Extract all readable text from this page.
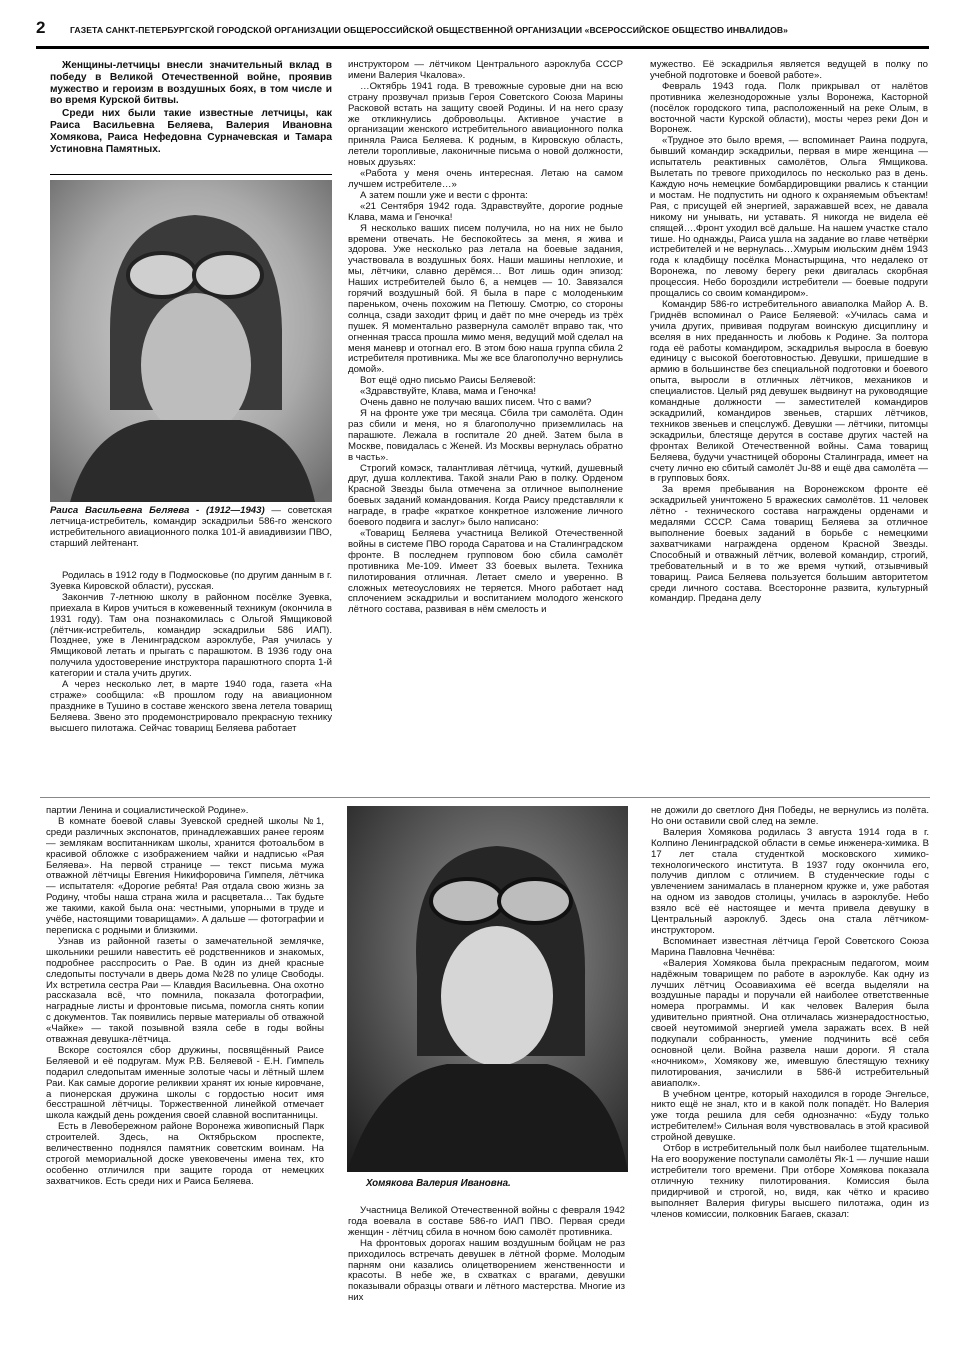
2	ГАЗЕТА САНКТ-ПЕТЕРБУРГСКОЙ ГОРОДСКОЙ ОРГАНИЗАЦИИ ОБЩЕРОССИЙСКОЙ ОБЩЕСТВЕННОЙ ОРГАНИЗАЦИИ «ВСЕРОССИЙСКОЕ ОБЩЕСТВО ИНВАЛИДОВ»

Женщины-летчицы внесли значительный вклад в победу в Великой Отечественной войне, проявив мужество и героизм в воздушных боях, в том числе и во время Курской битвы.

Среди них были такие известные летчицы, как Раиса Васильевна Беляева, Валерия Ивановна Хомякова, Раиса Нефедовна Сурначевская и Тамара Устиновна Памятных.

Раиса Васильевна Беляева - (1912—1943) — советская летчица-истребитель, командир эскадрильи 586-го женского истребительного авиационного полка 101-й авиадивизии ПВО, старший лейтенант.

Родилась в 1912 году в Подмосковье (по другим данным в г. Зуевка Кировской области), русская.

Закончив 7-летнюю школу в районном посёлке Зуевка, приехала в Киров учиться в кожевенный техникум (окончила в 1931 году). Там она познакомилась с Ольгой Ямщиковой (лётчик-истребитель, командир эскадрильи 586 ИАП). Позднее, уже в Ленинградском аэроклубе, Рая училась у Ямщиковой летать и прыгать с парашютом. В 1936 году она получила удостоверение инструктора парашютного спорта 1-й категории и стала учить других.

А через несколько лет, в марте 1940 года, газета «На страже» сообщила: «В прошлом году на авиационном празднике в Тушино в составе женского звена летела товарищ Беляева. Звено это продемонстрировало прекрасную технику высшего пилотажа. Сейчас товарищ Беляева работает

инструктором — лётчиком Центрального аэроклуба СССР имени Валерия Чкалова».

…Октябрь 1941 года. В тревожные суровые дни на всю страну прозвучал призыв Героя Советского Союза Марины Расковой встать на защиту своей Родины. И на него сразу же откликнулись добровольцы. Активное участие в организации женского истребительного авиационного полка приняла Раиса Беляева. К родным, в Кировскую область, летели торопливые, лаконичные письма о новой должности, новых друзьях:

«Работа у меня очень интересная. Летаю на самом лучшем истребителе…»

А затем пошли уже и вести с фронта:

«21 Сентября 1942 года. Здравствуйте, дорогие родные Клава, мама и Геночка!

Я несколько ваших писем получила, но на них не было времени отвечать. Не беспокойтесь за меня, я жива и здорова. Уже несколько раз летала на боевые задания, участвовала в воздушных боях. Наши машины неплохие, и мы, лётчики, славно дерёмся… Вот лишь один эпизод: Наших истребителей было 6, а немцев — 10. Завязался горячий воздушный бой. Я была в паре с молоденьким пареньком, очень похожим на Петюшу. Смотрю, со стороны солнца, сзади заходит фриц и даёт по мне очередь из трёх пушек. Я моментально развернула самолёт вправо так, что огненная трасса прошла мимо меня, ведущий мой сделал на меня маневр и отогнал его. В этом бою наша группа сбила 2 истребителя противника. Мы же все благополучно вернулись домой».

Вот ещё одно письмо Раисы Беляевой:

«Здравствуйте, Клава, мама и Геночка!

Очень давно не получаю ваших писем. Что с вами?

Я на фронте уже три месяца. Сбила три самолёта. Один раз сбили и меня, но я благополучно приземлилась на парашюте. Лежала в госпитале 20 дней. Затем была в Москве, повидалась с Женей. Из Москвы вернулась обратно в часть».

Строгий комэск, талантливая лётчица, чуткий, душевный друг, душа коллектива. Такой знали Раю в полку. Орденом Красной Звезды была отмечена за отличное выполнение боевых заданий командования. Когда Раису представляли к награде, в графе «краткое конкретное изложение личного боевого подвига и заслуг» было написано:

«Товарищ Беляева участница Великой Отечественной войны в системе ПВО города Саратова и на Сталинградском фронте. В последнем групповом бою сбила самолёт противника Ме-109. Имеет 33 боевых вылета. Техника пилотирования отличная. Летает смело и уверенно. В сложных метеоусловиях не теряется. Много работает над сплочением эскадрильи и воспитанием молодого женского лётного состава, развивая в нём смелость и

мужество. Её эскадрилья является ведущей в полку по учебной подготовке и боевой работе».

Февраль 1943 года. Полк прикрывал от налётов противника железнодорожные узлы Воронежа, Касторной (посёлок городского типа, расположенный на реке Олым, в восточной части Курской области), мосты через реки Дон и Воронеж.

«Трудное это было время, — вспоминает Раина подруга, бывший командир эскадрильи, первая в мире женщина — испытатель реактивных самолётов, Ольга Ямщикова. Вылетать по тревоге приходилось по несколько раз в день. Каждую ночь немецкие бомбардировщики рвались к станции и мостам. Не подпустить ни одного к охраняемым объектам! Рая, с присущей ей энергией, заражавшей всех, не давала никому ни унывать, ни уставать. Я никогда не видела её спящей….Фронт уходил всё дальше. На нашем участке стало тише. Но однажды, Раиса ушла на задание во главе четвёрки истребителей и не вернулась…Хмурым июльским днём 1943 года к кладбищу посёлка Монастырщина, что недалеко от Воронежа, по левому берегу реки двигалась скорбная процессия. Небо бороздили истребители — боевые подруги прощались со своим командиром».

Командир 586-го истребительного авиаполка Майор А. В. Гриднёв вспоминал о Раисе Беляевой: «Училась сама и учила других, прививая подругам воинскую дисциплину и вселяя в них преданность и любовь к Родине. За полтора года её работы командиром, эскадрилья выросла в боевую единицу с высокой боеготовностью. Девушки, пришедшие в армию в большинстве без специальной подготовки и боевого опыта, выросли в отличных лётчиков, механиков и специалистов. Целый ряд девушек выдвинут на руководящие командные должности — заместителей командиров эскадрилий, командиров звеньев, старших лётчиков, техников звеньев и спецслужб. Девушки — лётчики, питомцы эскадрильи, блестяще дерутся в составе других частей на фронтах Великой Отечественной войны. Сама товарищ Беляева, будучи участницей обороны Сталинграда, имеет на счету лично ею сбитый самолёт Ju-88 и ещё два самолёта — в групповых боях.

За время пребывания на Воронежском фронте её эскадрильей уничтожено 5 вражеских самолётов. 11 человек лётно - технического состава награждены орденами и медалями СССР. Сама товарищ Беляева за отличное выполнение боевых заданий в борьбе с немецкими захватчиками награждена орденом Красной Звезды. Способный и отважный лётчик, волевой командир, строгий, требовательный и в то же время чуткий, отзывчивый товарищ. Раиса Беляева пользуется большим авторитетом среди личного состава. Всесторонне развита, культурный командир. Предана делу

партии Ленина и социалистической Родине».

В комнате боевой славы Зуевской средней школы №1, среди различных экспонатов, принадлежавших ранее героям — землякам воспитанникам школы, хранится фотоальбом в красивой обложке с изображением чайки и надписью «Рая Беляева». На первой странице — текст письма мужа отважной лётчицы Евгения Никифоровича Гимпеля, лётчика — испытателя: «Дорогие ребята! Рая отдала свою жизнь за Родину, чтобы наша страна жила и расцветала… Так будьте же такими, какой была она: честными, упорными в труде и учёбе, настоящими товарищами». А дальше — фотографии и переписка с родными и близкими.

Узнав из районной газеты о замечательной землячке, школьники решили навестить её родственников и знакомых, подробнее расспросить о Рае. В один из дней красные следопыты постучали в дверь дома №28 по улице Свободы. Их встретила сестра Раи — Клавдия Васильевна. Она охотно рассказала всё, что помнила, показала фотографии, наградные листы и фронтовые письма, помогла снять копии с документов. Так появились первые материалы об отважной «Чайке» — такой позывной взяла себе в годы войны отважная девушка-лётчица.

Вскоре состоялся сбор дружины, посвящённый Раисе Беляевой и её подругам. Муж Р.В. Беляевой - Е.Н. Гимпель подарил следопытам именные золотые часы и лётный шлем Раи. Как самые дорогие реликвии хранят их юные кировчане, а пионерская дружина школы с гордостью носит имя бесстрашной лётчицы. Торжественной линейкой отмечает школа каждый день рождения своей славной воспитанницы.

Есть в Левобережном районе Воронежа живописный Парк строителей. Здесь, на Октябрьском проспекте, величественно поднялся памятник советским воинам. На строгой мемориальной доске увековечены имена тех, кто особенно отличился при защите города от немецких захватчиков. Есть среди них и Раиса Беляева.	Хомякова Валерия Ивановна.

Участница Великой Отечественной войны с февраля 1942 года воевала в составе 586-го ИАП ПВО. Первая среди женщин - лётчиц сбила в ночном бою самолёт противника.

На фронтовых дорогах нашим воздушным бойцам не раз приходилось встречать девушек в лётной форме. Молодым парням они казались олицетворением женственности и красоты. В небе же, в схватках с врагами, девушки показывали образцы отваги и лётного мастерства. Многие из них

не дожили до светлого Дня Победы, не вернулись из полёта. Но они оставили свой след на земле.

Валерия Хомякова родилась 3 августа 1914 года в г. Колпино Ленинградской области в семье инженера-химика. В 17 лет стала студенткой московского химико-технологического института. В 1937 году окончила его, получив диплом с отличием. В студенческие годы с увлечением занималась в планерном кружке и, уже работая на одном из заводов столицы, училась в аэроклубе. Небо взяло всё её настоящее и мечта привела девушку в Центральный аэроклуб. Здесь она стала лётчиком-инструктором.

Вспоминает известная лётчица Герой Советского Союза Марина Павловна Чечнёва:

«Валерия Хомякова была прекрасным педагогом, моим надёжным товарищем по работе в аэроклубе. Как одну из лучших лётчиц Осоавиахима её всегда выделяли на воздушные парады и поручали ей наиболее ответственные номера программы. И как человек Валерия была удивительно приятной. Она отличалась жизнерадостностью, своей неутомимой энергией умела заражать всех. В ней подкупали собранность, умение подчинить всё себя основной цели. Война развела наши дороги. Я стала «ночником», Хомякову же, имевшую блестящую технику пилотирования, зачислили в 586-й истребительный авиаполк».

В учебном центре, который находился в городе Энгельсе, никто ещё не знал, кто и в какой полк попадёт. Но Валерия уже тогда решила для себя однозначно: «Буду только истребителем!» Сильная воля чувствовалась в этой красивой стройной девушке.

Отбор в истребительный полк был наиболее тщательным. На его вооружение поступали самолёты Як-1 — лучшие наши истребители того времени. При отборе Хомякова показала отличную технику пилотирования. Комиссия была придирчивой и строгой, но, видя, как чётко и красиво выполняет Валерия фигуры высшего пилотажа, один из членов комиссии, полковник Багаев, сказал:
